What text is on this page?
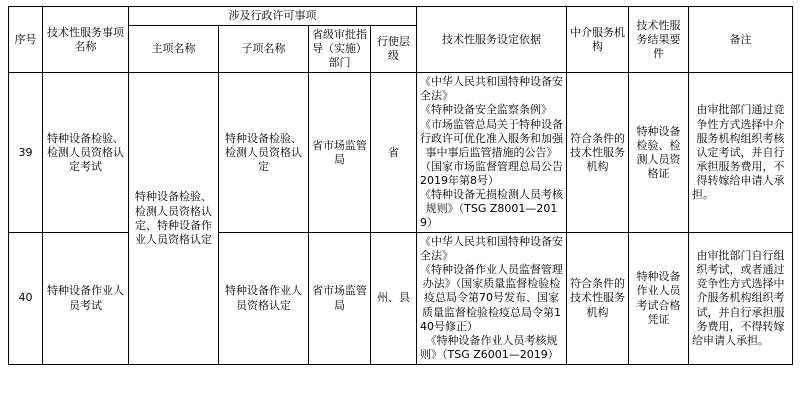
序号	技术性服务事项名称	涉及行政许可事项				技术性服务设定依据	中介服务机构	技术性服务结果要件	备注
		主项名称	子项名称	省级审批指导（实施）部门	行使层级				
39	特种设备检验、检测人员资格认定考试	特种设备检验、检测人员资格认定、特种设备作业人员资格认定	特种设备检验、检测人员资格认定	省市场监管局	省	《中华人民共和国特种设备安全法》

《特种设备安全监察条例》

《市场监管总局关于特种设备行政许可优化准入服务和加强事中事后监管措施的公告》（国家市场监督管理总局公告2019年第8号）

《特种设备无损检测人员考核规则》（TSG Z8001—2019）	符合条件的技术性服务机构	特种设备检验、检测人员资格证	由审批部门通过竞争性方式选择中介服务机构组织考核认定考试，并自行承担服务费用，不得转嫁给申请人承担。
40	特种设备作业人员考试		特种设备作业人员资格认定	省市场监管局	州、县	《中华人民共和国特种设备安全法》

《特种设备作业人员监督管理办法》（国家质量监督检验检疫总局令第70号发布、国家质量监督检验检疫总局令第140号修正）

《特种设备作业人员考核规则》（TSG Z6001—2019）	符合条件的技术性服务机构	特种设备作业人员考试合格凭证	由审批部门自行组织考试，或者通过竞争性方式选择中介服务机构组织考试，并自行承担服务费用，不得转嫁给申请人承担。
